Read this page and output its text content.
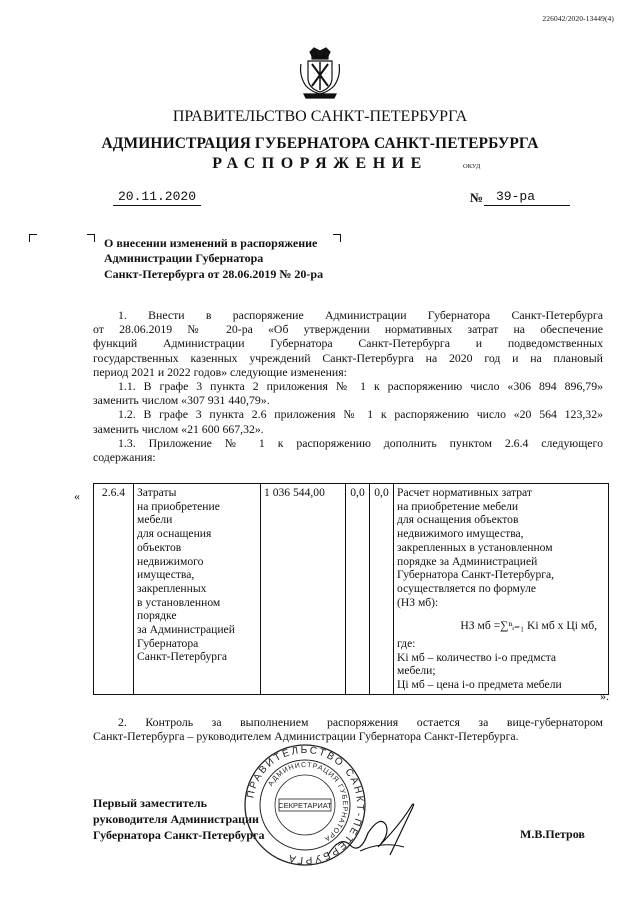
226042/2020-13449(4)
ПРАВИТЕЛЬСТВО САНКТ-ПЕТЕРБУРГА
АДМИНИСТРАЦИЯ ГУБЕРНАТОРА САНКТ-ПЕТЕРБУРГА
РАСПОРЯЖЕНИЕ	ОКУД
20.11.2020	№ 39-ра
О внесении изменений в распоряжение
Администрации Губернатора
Санкт-Петербурга от 28.06.2019 № 20-ра

1. Внести в распоряжение Администрации Губернатора Санкт-Петербурга

от 28.06.2019 № 20-ра «Об утверждении нормативных затрат на обеспечение

функций Администрации Губернатора Санкт-Петербурга и подведомственных

государственных казенных учреждений Санкт-Петербурга на 2020 год и на плановый

период 2021 и 2022 годов» следующие изменения:

1.1. В графе 3 пункта 2 приложения № 1 к распоряжению число «306 894 896,79»

заменить числом «307 931 440,79».

1.2. В графе 3 пункта 2.6 приложения № 1 к распоряжению число «20 564 123,32»

заменить числом «21 600 667,32».

1.3. Приложение № 1 к распоряжению дополнить пунктом 2.6.4 следующего

содержания:

« 2.6.4	Затраты
на приобретение
мебели
для оснащения
объектов
недвижимого
имущества,
закрепленных
в установленном
порядке
за Администрацией
Губернатора
Санкт-Петербурга
	1 036 544,00	0,0	0,0	Расчет нормативных затрат
на приобретение мебели
для оснащения объектов
недвижимого имущества,
закрепленных в установленном
порядке за Администрацией
Губернатора Санкт-Петербурга,
осуществляется по формуле
(НЗ мб):
НЗ мб =∑ⁿᵢ₌₁ Ki мб x Цi мб,
где:
Ki мб – количество i-о предмста
мебели;
Цi мб – цена i-о предмета мебели
».

2. Контроль за выполнением распоряжения остается за вице-губернатором

Санкт-Петербурга – руководителем Администрации Губернатора Санкт-Петербурга.

Первый заместитель
руководителя Администрации
Губернатора Санкт-Петербурга
ПРАВИТЕЛЬСТВО САНКТ-ПЕТЕРБУРГА
АДМИНИСТРАЦИЯ ГУБЕРНАТОРА
СЕКРЕТАРИАТ
М.В.Петров
